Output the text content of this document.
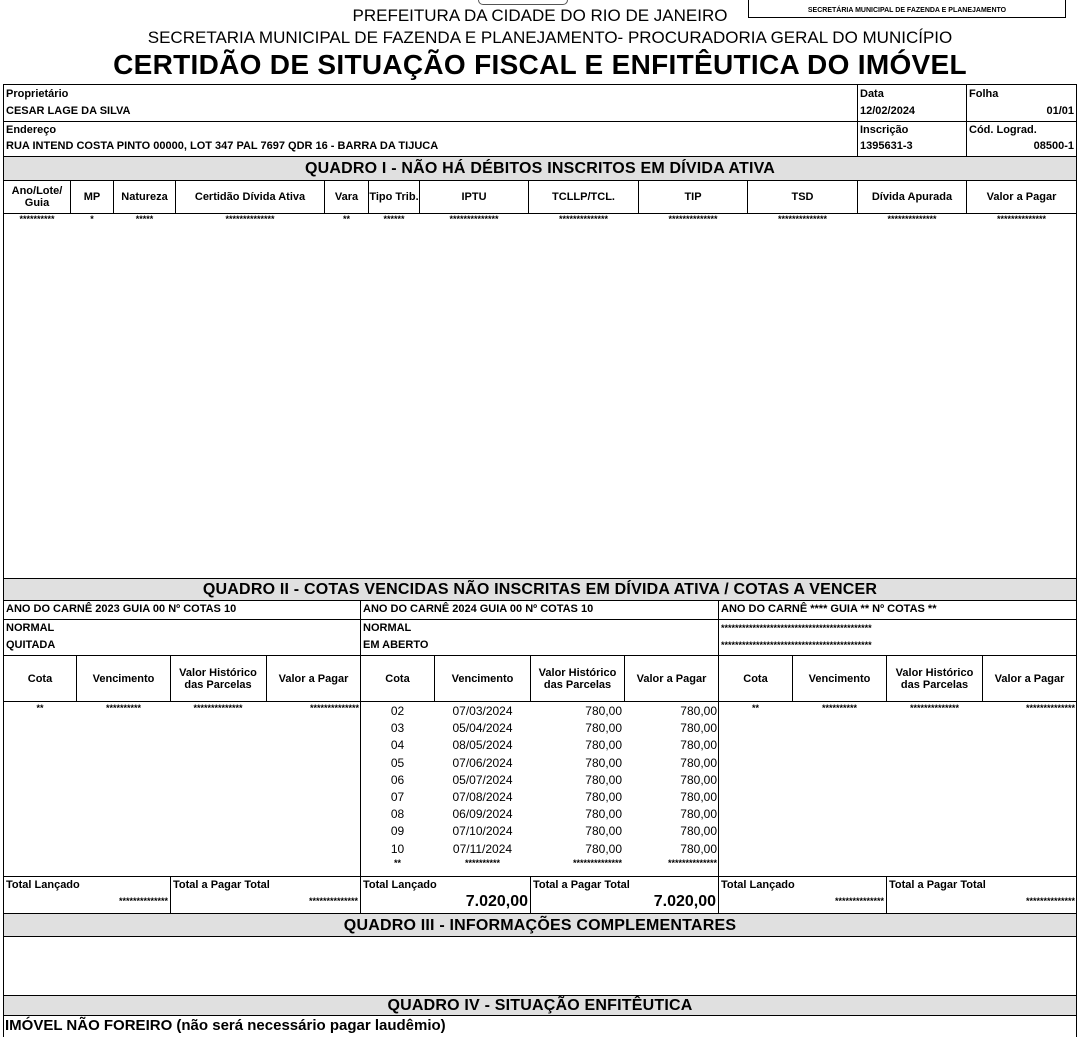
PREFEITURA DA CIDADE DO RIO DE JANEIRO
SECRETARIA MUNICIPAL DE FAZENDA E PLANEJAMENTO- PROCURADORIA GERAL DO MUNICÍPIO
CERTIDÃO DE SITUAÇÃO FISCAL E ENFITÊUTICA DO IMÓVEL
SECRETÁRIA MUNICIPAL DE FAZENDA E PLANEJAMENTO
Proprietário
CESAR LAGE DA SILVA
Data
12/02/2024
Folha
01/01
Endereço
RUA INTEND COSTA PINTO 00000, LOT 347 PAL 7697 QDR 16 - BARRA DA TIJUCA
Inscrição
1395631-3
Cód. Lograd.
08500-1
QUADRO I - NÃO HÁ DÉBITOS INSCRITOS EM DÍVIDA ATIVA
Ano/Lote/ Guia	MP	Natureza	Certidão Dívida Ativa	Vara	Tipo Trib.	IPTU	TCLLP/TCL.	TIP	TSD	Dívida Apurada	Valor a Pagar
**********	*	*****	**************	**	******	**************	**************	**************	**************	**************	**************
QUADRO II - COTAS VENCIDAS NÃO INSCRITAS EM DÍVIDA ATIVA / COTAS A VENCER
ANO DO CARNÊ 2023 GUIA 00 Nº COTAS 10
NORMAL
QUITADA
Cota	Vencimento	Valor Histórico das Parcelas	Valor a Pagar
**	**********	**************	**************
Total Lançado
**************
Total a Pagar Total
**************
ANO DO CARNÊ 2024 GUIA 00 Nº COTAS 10
NORMAL
EM ABERTO
Cota	Vencimento	Valor Histórico das Parcelas	Valor a Pagar
02	07/03/2024	780,00	780,00
03	05/04/2024	780,00	780,00
04	08/05/2024	780,00	780,00
05	07/06/2024	780,00	780,00
06	05/07/2024	780,00	780,00
07	07/08/2024	780,00	780,00
08	06/09/2024	780,00	780,00
09	07/10/2024	780,00	780,00
10	07/11/2024	780,00	780,00
**	**********	**************	**************
Total Lançado
7.020,00
Total a Pagar Total
7.020,00
ANO DO CARNÊ **** GUIA ** Nº COTAS **
*******************************************
*******************************************
Cota	Vencimento	Valor Histórico das Parcelas	Valor a Pagar
**	**********	**************	**************
Total Lançado
**************
Total a Pagar Total
**************
QUADRO III - INFORMAÇÕES COMPLEMENTARES
QUADRO IV - SITUAÇÃO ENFITÊUTICA
IMÓVEL NÃO FOREIRO (não será necessário pagar laudêmio)
